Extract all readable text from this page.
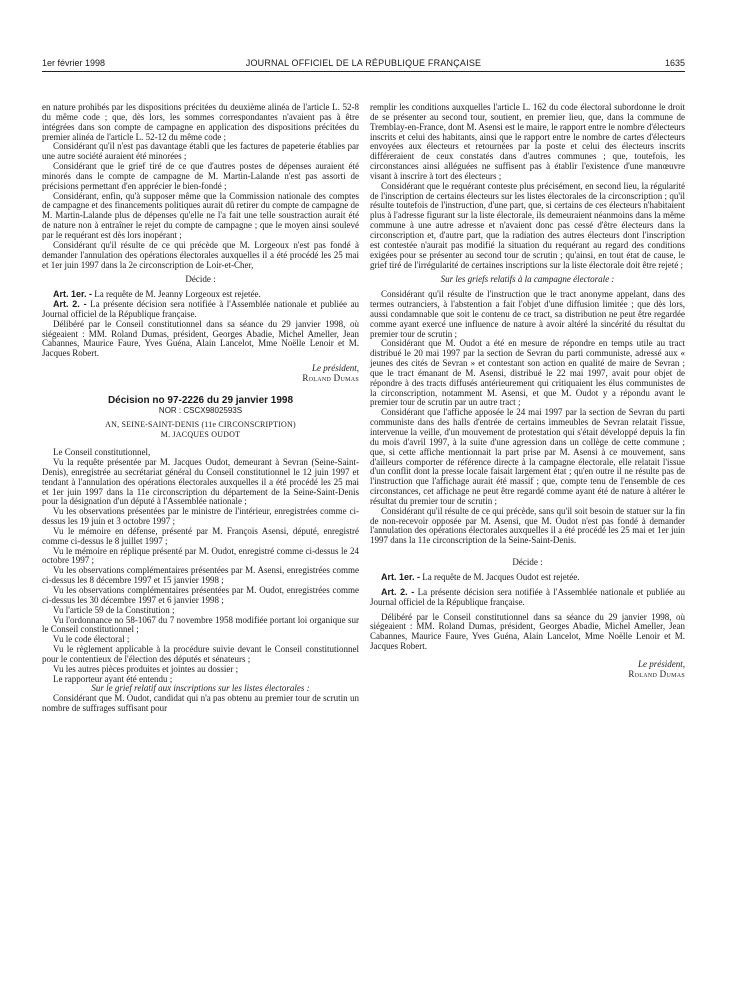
1er février 1998	JOURNAL OFFICIEL DE LA RÉPUBLIQUE FRANÇAISE	1635

en nature prohibés par les dispositions précitées du deuxième alinéa de l'article L. 52-8 du même code ; que, dès lors, les sommes correspondantes n'avaient pas à être intégrées dans son compte de campagne en application des dispositions précitées du premier alinéa de l'article L. 52-12 du même code ;

Considérant qu'il n'est pas davantage établi que les factures de papeterie établies par une autre société auraient été minorées ;

Considérant que le grief tiré de ce que d'autres postes de dépenses auraient été minorés dans le compte de campagne de M. Martin-Lalande n'est pas assorti de précisions permettant d'en apprécier le bien-fondé ;

Considérant, enfin, qu'à supposer même que la Commission nationale des comptes de campagne et des financements politiques aurait dû retirer du compte de campagne de M. Martin-Lalande plus de dépenses qu'elle ne l'a fait une telle soustraction aurait été de nature non à entraîner le rejet du compte de campagne ; que le moyen ainsi soulevé par le requérant est dès lors inopérant ;

Considérant qu'il résulte de ce qui précède que M. Lorgeoux n'est pas fondé à demander l'annulation des opérations électorales auxquelles il a été procédé les 25 mai et 1er juin 1997 dans la 2e circonscription de Loir-et-Cher,

Décide :

Art. 1er. - La requête de M. Jeanny Lorgeoux est rejetée.

Art. 2. - La présente décision sera notifiée à l'Assemblée nationale et publiée au Journal officiel de la République française.

Délibéré par le Conseil constitutionnel dans sa séance du 29 janvier 1998, où siégeaient : MM. Roland Dumas, président, Georges Abadie, Michel Ameller, Jean Cabannes, Maurice Faure, Yves Guéna, Alain Lancelot, Mme Noëlle Lenoir et M. Jacques Robert.

Le président,

Roland Dumas

Décision no 97-2226 du 29 janvier 1998

NOR : CSCX9802593S

AN, SEINE-SAINT-DENIS (11e CIRCONSCRIPTION)

M. JACQUES OUDOT

Le Conseil constitutionnel,

Vu la requête présentée par M. Jacques Oudot, demeurant à Sevran (Seine-Saint-Denis), enregistrée au secrétariat général du Conseil constitutionnel le 12 juin 1997 et tendant à l'annulation des opérations électorales auxquelles il a été procédé les 25 mai et 1er juin 1997 dans la 11e circonscription du département de la Seine-Saint-Denis pour la désignation d'un député à l'Assemblée nationale ;

Vu les observations présentées par le ministre de l'intérieur, enregistrées comme ci-dessus les 19 juin et 3 octobre 1997 ;

Vu le mémoire en défense, présenté par M. François Asensi, député, enregistré comme ci-dessus le 8 juillet 1997 ;

Vu le mémoire en réplique présenté par M. Oudot, enregistré comme ci-dessus le 24 octobre 1997 ;

Vu les observations complémentaires présentées par M. Asensi, enregistrées comme ci-dessus les 8 décembre 1997 et 15 janvier 1998 ;

Vu les observations complémentaires présentées par M. Oudot, enregistrées comme ci-dessus les 30 décembre 1997 et 6 janvier 1998 ;

Vu l'article 59 de la Constitution ;

Vu l'ordonnance no 58-1067 du 7 novembre 1958 modifiée portant loi organique sur le Conseil constitutionnel ;

Vu le code électoral ;

Vu le règlement applicable à la procédure suivie devant le Conseil constitutionnel pour le contentieux de l'élection des députés et sénateurs ;

Vu les autres pièces produites et jointes au dossier ;

Le rapporteur ayant été entendu ;

Sur le grief relatif aux inscriptions sur les listes électorales :

Considérant que M. Oudot, candidat qui n'a pas obtenu au premier tour de scrutin un nombre de suffrages suffisant pour

remplir les conditions auxquelles l'article L. 162 du code électoral subordonne le droit de se présenter au second tour, soutient, en premier lieu, que, dans la commune de Tremblay-en-France, dont M. Asensi est le maire, le rapport entre le nombre d'électeurs inscrits et celui des habitants, ainsi que le rapport entre le nombre de cartes d'électeurs envoyées aux électeurs et retournées par la poste et celui des électeurs inscrits différeraient de ceux constatés dans d'autres communes ; que, toutefois, les circonstances ainsi alléguées ne suffisent pas à établir l'existence d'une manœuvre visant à inscrire à tort des électeurs ;

Considérant que le requérant conteste plus précisément, en second lieu, la régularité de l'inscription de certains électeurs sur les listes électorales de la circonscription ; qu'il résulte toutefois de l'instruction, d'une part, que, si certains de ces électeurs n'habitaient plus à l'adresse figurant sur la liste électorale, ils demeuraient néanmoins dans la même commune à une autre adresse et n'avaient donc pas cessé d'être électeurs dans la circonscription et, d'autre part, que la radiation des autres électeurs dont l'inscription est contestée n'aurait pas modifié la situation du requérant au regard des conditions exigées pour se présenter au second tour de scrutin ; qu'ainsi, en tout état de cause, le grief tiré de l'irrégularité de certaines inscriptions sur la liste électorale doit être rejeté ;

Sur les griefs relatifs à la campagne électorale :

Considérant qu'il résulte de l'instruction que le tract anonyme appelant, dans des termes outranciers, à l'abstention a fait l'objet d'une diffusion limitée ; que dès lors, aussi condamnable que soit le contenu de ce tract, sa distribution ne peut être regardée comme ayant exercé une influence de nature à avoir altéré la sincérité du résultat du premier tour de scrutin ;

Considérant que M. Oudot a été en mesure de répondre en temps utile au tract distribué le 20 mai 1997 par la section de Sevran du parti communiste, adressé aux « jeunes des cités de Sevran » et contestant son action en qualité de maire de Sevran ; que le tract émanant de M. Asensi, distribué le 22 mai 1997, avait pour objet de répondre à des tracts diffusés antérieurement qui critiquaient les élus communistes de la circonscription, notamment M. Asensi, et que M. Oudot y a répondu avant le premier tour de scrutin par un autre tract ;

Considérant que l'affiche apposée le 24 mai 1997 par la section de Sevran du parti communiste dans des halls d'entrée de certains immeubles de Sevran relatait l'issue, intervenue la veille, d'un mouvement de protestation qui s'était développé depuis la fin du mois d'avril 1997, à la suite d'une agression dans un collège de cette commune ; que, si cette affiche mentionnait la part prise par M. Asensi à ce mouvement, sans d'ailleurs comporter de référence directe à la campagne électorale, elle relatait l'issue d'un conflit dont la presse locale faisait largement état ; qu'en outre il ne résulte pas de l'instruction que l'affichage aurait été massif ; que, compte tenu de l'ensemble de ces circonstances, cet affichage ne peut être regardé comme ayant été de nature à altérer le résultat du premier tour de scrutin ;

Considérant qu'il résulte de ce qui précède, sans qu'il soit besoin de statuer sur la fin de non-recevoir opposée par M. Asensi, que M. Oudot n'est pas fondé à demander l'annulation des opérations électorales auxquelles il a été procédé les 25 mai et 1er juin 1997 dans la 11e circonscription de la Seine-Saint-Denis.

Décide :

Art. 1er. - La requête de M. Jacques Oudot est rejetée.

Art. 2. - La présente décision sera notifiée à l'Assemblée nationale et publiée au Journal officiel de la République française.

Délibéré par le Conseil constitutionnel dans sa séance du 29 janvier 1998, où siégeaient : MM. Roland Dumas, président, Georges Abadie, Michel Ameller, Jean Cabannes, Maurice Faure, Yves Guéna, Alain Lancelot, Mme Noëlle Lenoir et M. Jacques Robert.

Le président,

Roland Dumas
